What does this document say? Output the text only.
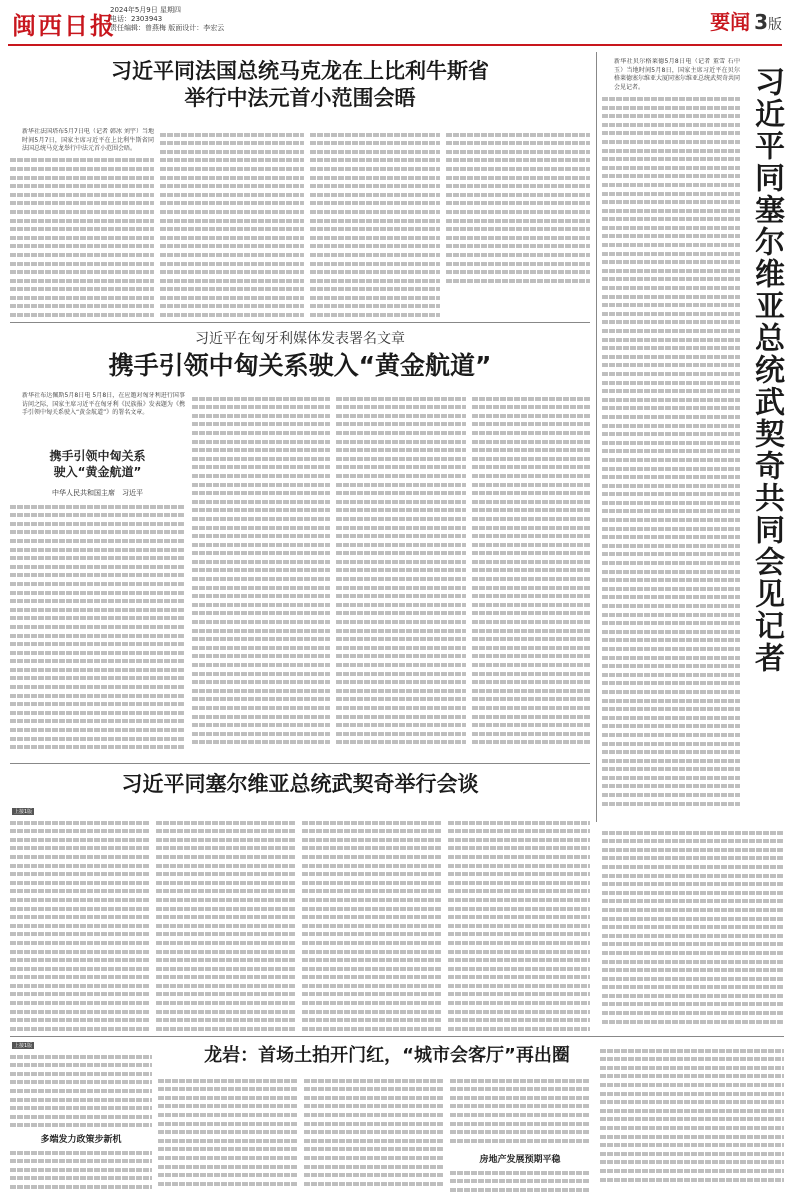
闽西日报
2024年5月9日 星期四
电话：2303943
责任编辑：曾燕梅 版面设计：李宏云	要闻 3版
习近平同法国总统马克龙在上比利牛斯省
举行中法元首小范围会晤
新华社法国塔布5月7日电（记者 韩冰 刘宇）当地时间5月7日，国家主席习近平在上比利牛斯省同法国总统马克龙举行中法元首小范围会晤。
习近平在匈牙利媒体发表署名文章
携手引领中匈关系驶入“黄金航道”
新华社布达佩斯5月8日电 5月8日，在应邀对匈牙利进行国事访问之际，国家主席习近平在匈牙利《民族报》发表题为《携手引领中匈关系驶入“黄金航道”》的署名文章。
携手引领中匈关系
驶入“黄金航道”
中华人民共和国主席　习近平	习近平同塞尔维亚总统武契奇共同会见记者
新华社贝尔格莱德5月8日电（记者 董雪 石中玉）当地时间5月8日，国家主席习近平在贝尔格莱德塞尔维亚大厦同塞尔维亚总统武契奇共同会见记者。
习近平同塞尔维亚总统武契奇举行会谈
上接1版
上接1版
多端发力政策步新机
龙岩：首场土拍开门红，“城市会客厅”再出圈
房地产发展预期平稳
